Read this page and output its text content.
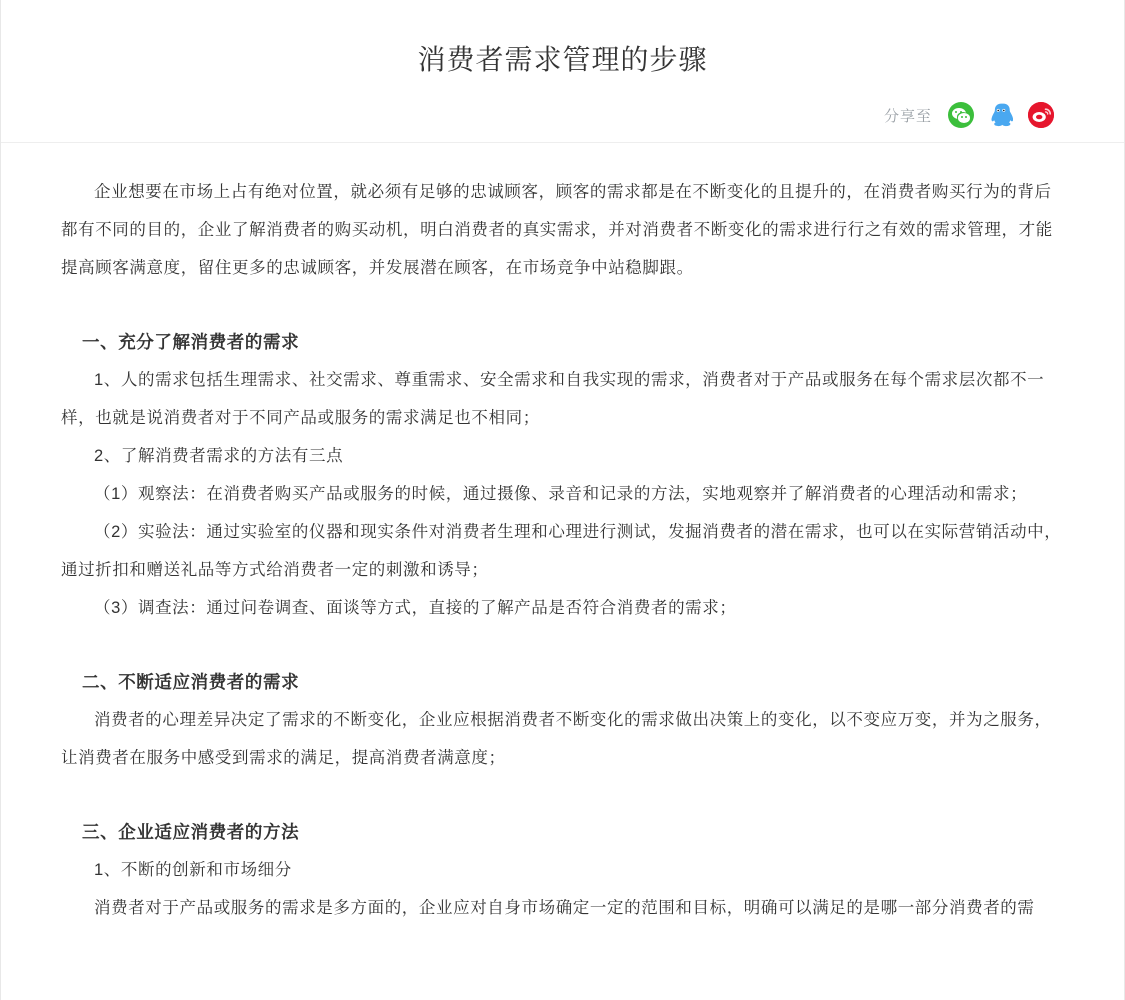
消费者需求管理的步骤
分享至

企业想要在市场上占有绝对位置，就必须有足够的忠诚顾客，顾客的需求都是在不断变化的且提升的，在消费者购买行为的背后都有不同的目的，企业了解消费者的购买动机，明白消费者的真实需求，并对消费者不断变化的需求进行行之有效的需求管理，才能提高顾客满意度，留住更多的忠诚顾客，并发展潜在顾客，在市场竞争中站稳脚跟。

一、充分了解消费者的需求

1、人的需求包括生理需求、社交需求、尊重需求、安全需求和自我实现的需求，消费者对于产品或服务在每个需求层次都不一样，也就是说消费者对于不同产品或服务的需求满足也不相同；

2、了解消费者需求的方法有三点

（1）观察法：在消费者购买产品或服务的时候，通过摄像、录音和记录的方法，实地观察并了解消费者的心理活动和需求；

（2）实验法：通过实验室的仪器和现实条件对消费者生理和心理进行测试，发掘消费者的潜在需求，也可以在实际营销活动中，通过折扣和赠送礼品等方式给消费者一定的刺激和诱导；

（3）调查法：通过问卷调查、面谈等方式，直接的了解产品是否符合消费者的需求；

二、不断适应消费者的需求

消费者的心理差异决定了需求的不断变化，企业应根据消费者不断变化的需求做出决策上的变化，以不变应万变，并为之服务，让消费者在服务中感受到需求的满足，提高消费者满意度；

三、企业适应消费者的方法

1、不断的创新和市场细分

消费者对于产品或服务的需求是多方面的，企业应对自身市场确定一定的范围和目标，明确可以满足的是哪一部分消费者的需
